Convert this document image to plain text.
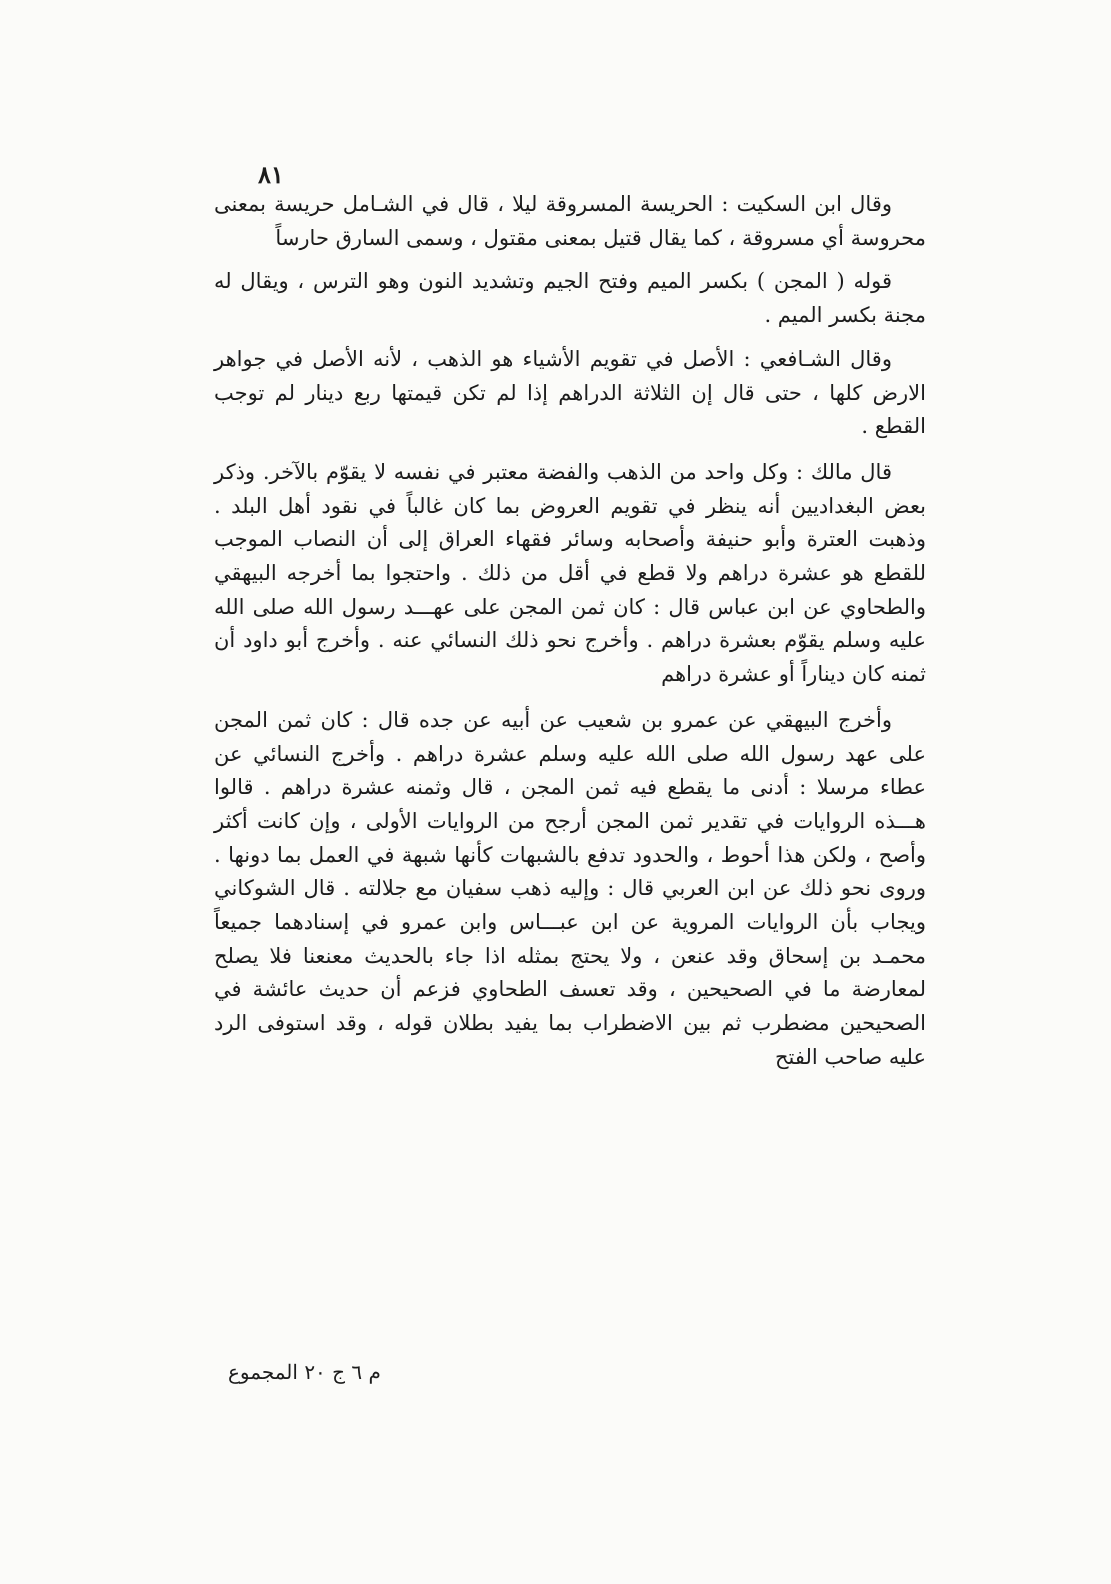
٨١

وقال ابن السكيت : الحريسة المسروقة ليلا ، قال في الشـامل حريسة بمعنى محروسة أي مسروقة ، كما يقال قتيل بمعنى مقتول ، وسمى السارق حارساً

قوله ( المجن ) بكسر الميم وفتح الجيم وتشديد النون وهو الترس ، ويقال له مجنة بكسر الميم .

وقال الشـافعي : الأصل في تقويم الأشياء هو الذهب ، لأنه الأصل في جواهر الارض كلها ، حتى قال إن الثلاثة الدراهم إذا لم تكن قيمتها ربع دينار لم توجب القطع .

قال مالك : وكل واحد من الذهب والفضة معتبر في نفسه لا يقوّم بالآخر. وذكر بعض البغداديين أنه ينظر في تقويم العروض بما كان غالباً في نقود أهل البلد . وذهبت العترة وأبو حنيفة وأصحابه وسائر فقهاء العراق إلى أن النصاب الموجب للقطع هو عشرة دراهم ولا قطع في أقل من ذلك . واحتجوا بما أخرجه البيهقي والطحاوي عن ابن عباس قال : كان ثمن المجن على عهـــد رسول الله صلى الله عليه وسلم يقوّم بعشرة دراهم . وأخرج نحو ذلك النسائي عنه . وأخرج أبو داود أن ثمنه كان ديناراً أو عشرة دراهم

وأخرج البيهقي عن عمرو بن شعيب عن أبيه عن جده قال : كان ثمن المجن على عهد رسول الله صلى الله عليه وسلم عشرة دراهم . وأخرج النسائي عن عطاء مرسلا : أدنى ما يقطع فيه ثمن المجن ، قال وثمنه عشرة دراهم . قالوا هـــذه الروايات في تقدير ثمن المجن أرجح من الروايات الأولى ، وإن كانت أكثر وأصح ، ولكن هذا أحوط ، والحدود تدفع بالشبهات كأنها شبهة في العمل بما دونها . وروى نحو ذلك عن ابن العربي قال : وإليه ذهب سفيان مع جلالته . قال الشوكاني ويجاب بأن الروايات المروية عن ابن عبـــاس وابن عمرو في إسنادهما جميعاً محمـد بن إسحاق وقد عنعن ، ولا يحتج بمثله اذا جاء بالحديث معنعنا فلا يصلح لمعارضة ما في الصحيحين ، وقد تعسف الطحاوي فزعم أن حديث عائشة في الصحيحين مضطرب ثم بين الاضطراب بما يفيد بطلان قوله ، وقد استوفى الرد عليه صاحب الفتح

م ٦ ج ٢٠ المجموع
